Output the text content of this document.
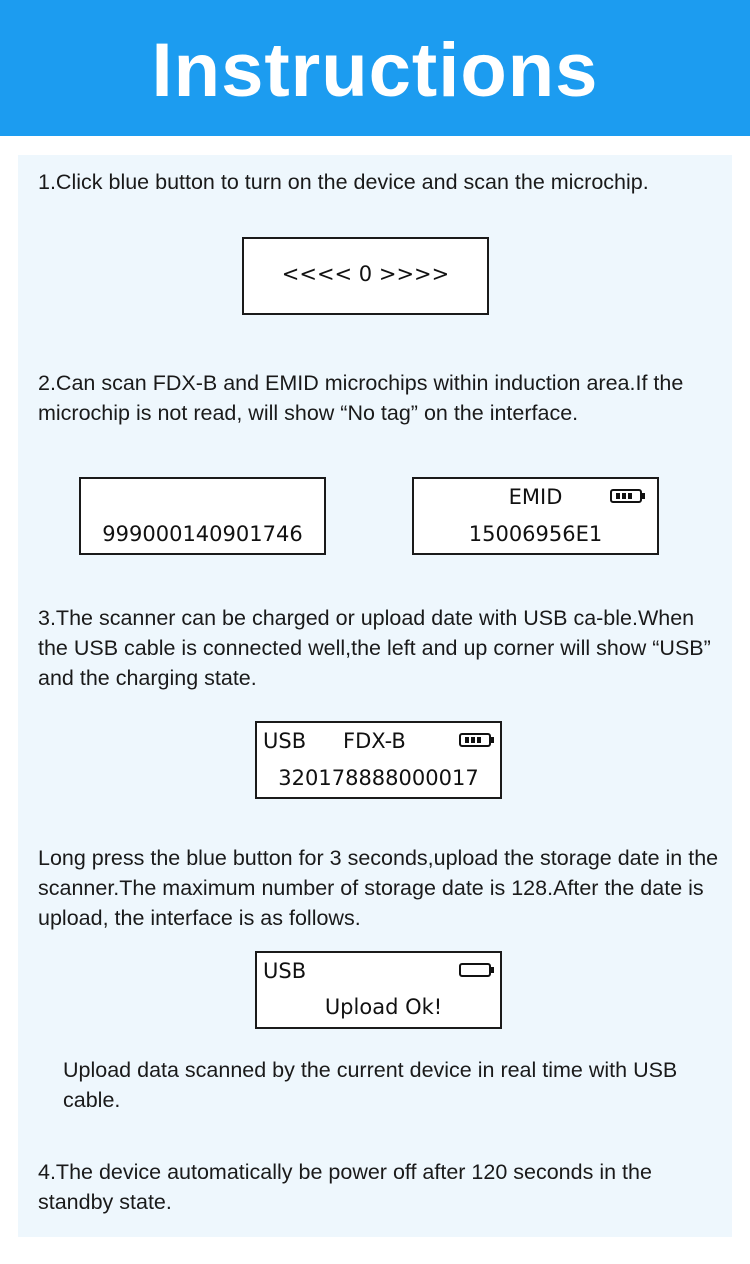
Instructions

1.Click blue button to turn on the device and scan the microchip.

<<<< 0 >>>>

2.Can scan FDX-B and EMID microchips within induction area.If the microchip is not read, will show “No tag” on the interface.

999000140901746
EMID
15006956E1

3.The scanner can be charged or upload date with USB ca-ble.When the USB cable is connected well,the left and up corner will show “USB” and the charging state.

USB FDX-B
320178888000017

Long press the blue button for 3 seconds,upload the storage date in the scanner.The maximum number of storage date is 128.After the date is upload, the interface is as follows.

USB
Upload Ok!

Upload data scanned by the current device in real time with USB cable.

4.The device automatically be power off after 120 seconds in the standby state.
